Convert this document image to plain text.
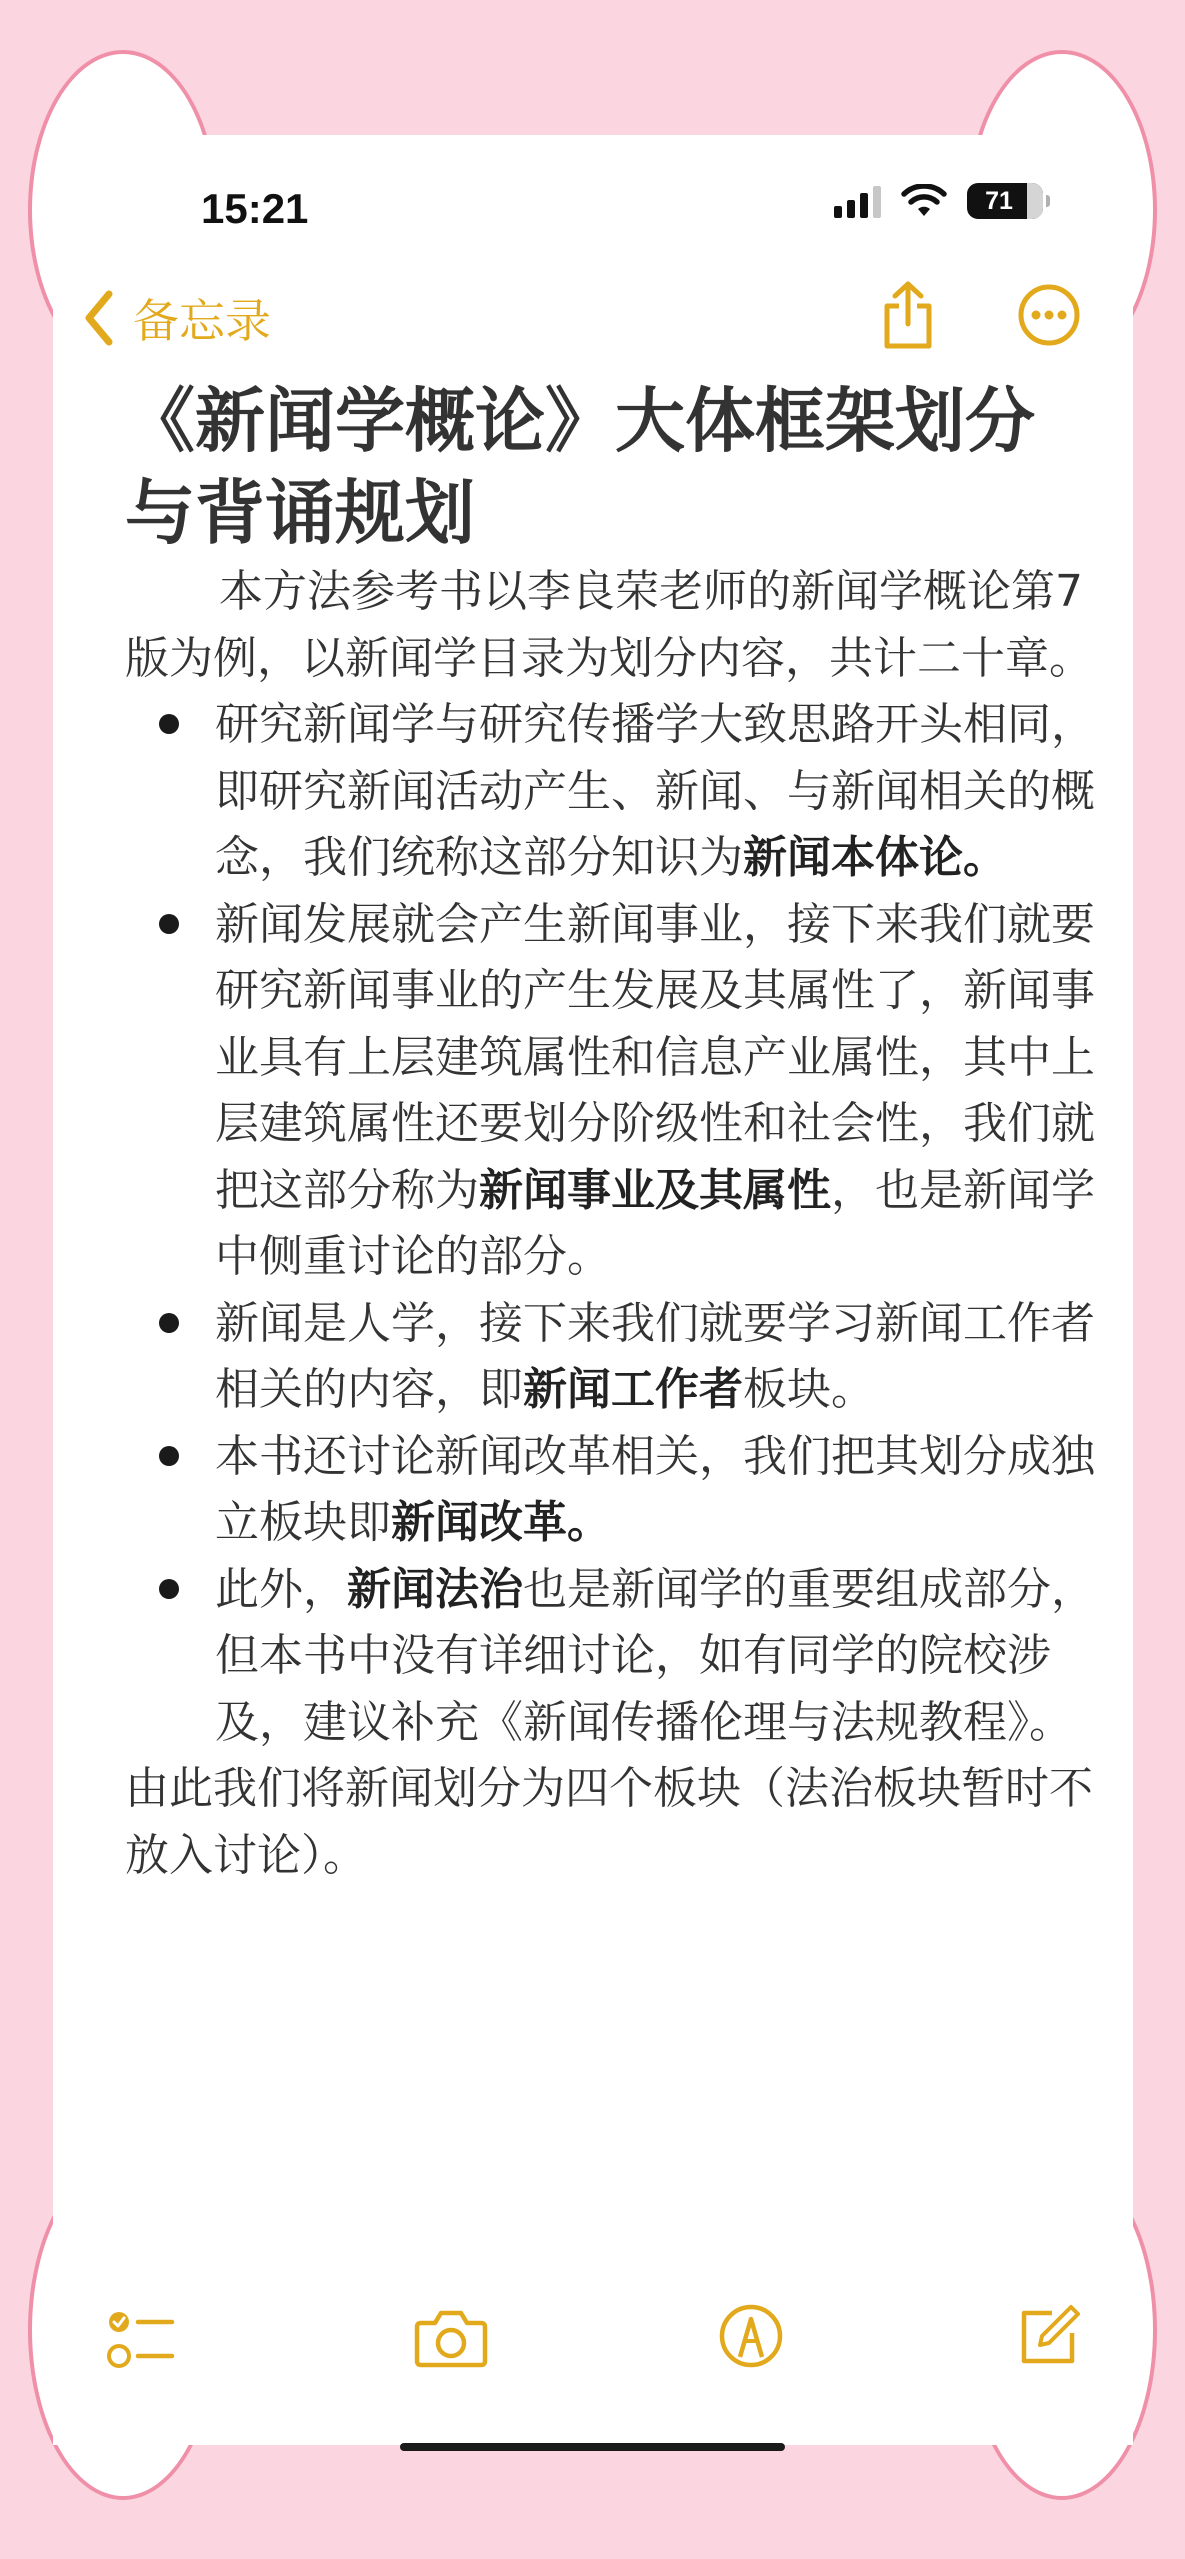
15:21	71
备忘录
《新闻学概论》大体框架划分与背诵规划

本方法参考书以李良荣老师的新闻学概论第7版为例，以新闻学目录为划分内容，共计二十章。

研究新闻学与研究传播学大致思路开头相同，即研究新闻活动产生、新闻、与新闻相关的概念，我们统称这部分知识为新闻本体论。
新闻发展就会产生新闻事业，接下来我们就要研究新闻事业的产生发展及其属性了，新闻事业具有上层建筑属性和信息产业属性，其中上层建筑属性还要划分阶级性和社会性，我们就把这部分称为新闻事业及其属性，也是新闻学中侧重讨论的部分。
新闻是人学，接下来我们就要学习新闻工作者相关的内容，即新闻工作者板块。
本书还讨论新闻改革相关，我们把其划分成独立板块即新闻改革。
此外，新闻法治也是新闻学的重要组成部分，但本书中没有详细讨论，如有同学的院校涉及，建议补充《新闻传播伦理与法规教程》。

由此我们将新闻划分为四个板块（法治板块暂时不放入讨论）。
